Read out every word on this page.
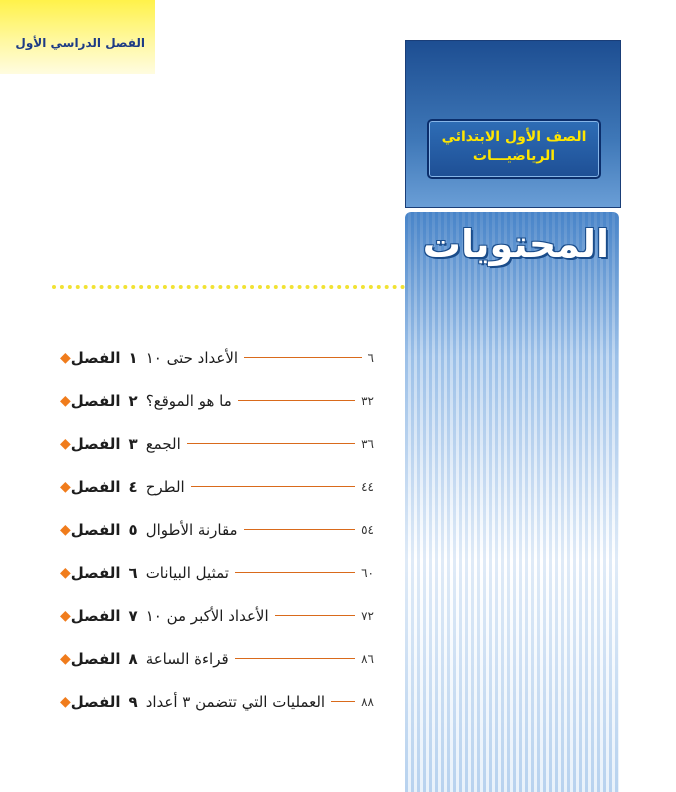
الفصل الدراسي الأول
الصف الأول الابتدائي
الرياضيـــات
المحتويات
◆ الفصل ١ الأعداد حتى ١٠	٦
◆ الفصل ٢ ما هو الموقع؟	٣٢
◆ الفصل ٣ الجمع	٣٦
◆ الفصل ٤ الطرح	٤٤
◆ الفصل ٥ مقارنة الأطوال	٥٤
◆ الفصل ٦ تمثيل البيانات	٦٠
◆ الفصل ٧ الأعداد الأكبر من ١٠	٧٢
◆ الفصل ٨ قراءة الساعة	٨٦
◆ الفصل ٩ العمليات التي تتضمن ٣ أعداد	٨٨
